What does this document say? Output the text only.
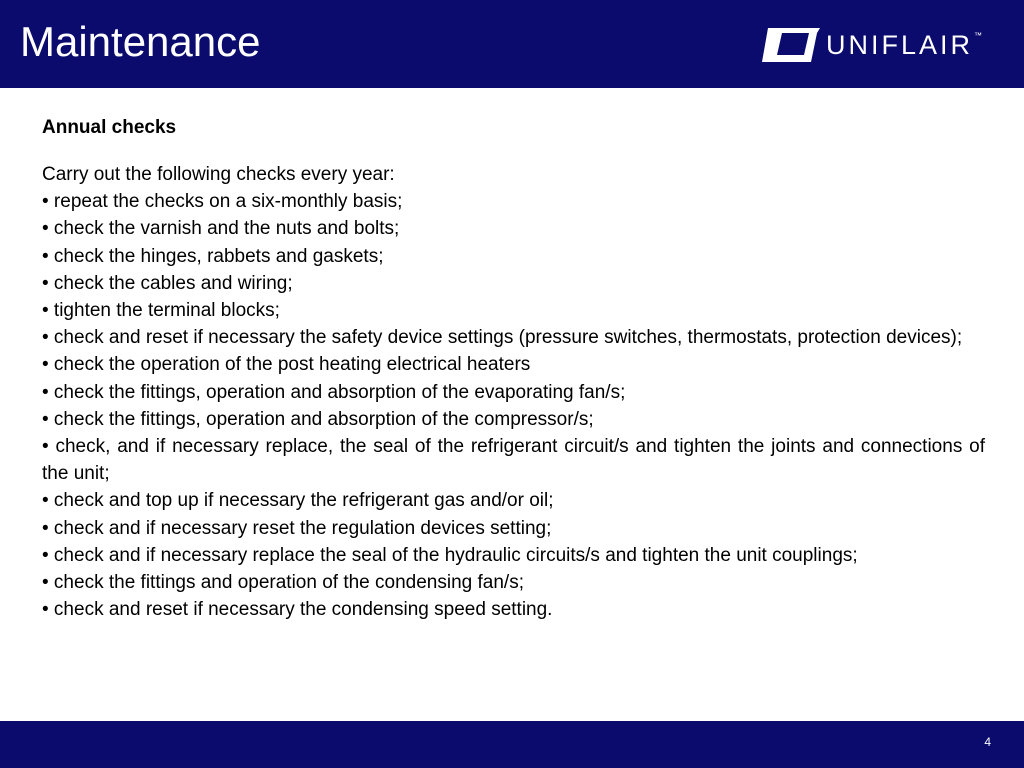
Maintenance	UNIFLAIR ™

Annual checks

Carry out the following checks every year:

• repeat the checks on a six-monthly basis;

• check the varnish and the nuts and bolts;

• check the hinges, rabbets and gaskets;

• check the cables and wiring;

• tighten the terminal blocks;

• check and reset if necessary the safety device settings (pressure switches, thermostats, protection devices);

• check the operation of the post heating electrical heaters

• check the fittings, operation and absorption of the evaporating fan/s;

• check the fittings, operation and absorption of the compressor/s;

• check, and if necessary replace, the seal of the refrigerant circuit/s and tighten the joints and connections of the unit;

• check and top up if necessary the refrigerant gas and/or oil;

• check and if necessary reset the regulation devices setting;

• check and if necessary replace the seal of the hydraulic circuits/s and tighten the unit couplings;

• check the fittings and operation of the condensing fan/s;

• check and reset if necessary the condensing speed setting.

4
